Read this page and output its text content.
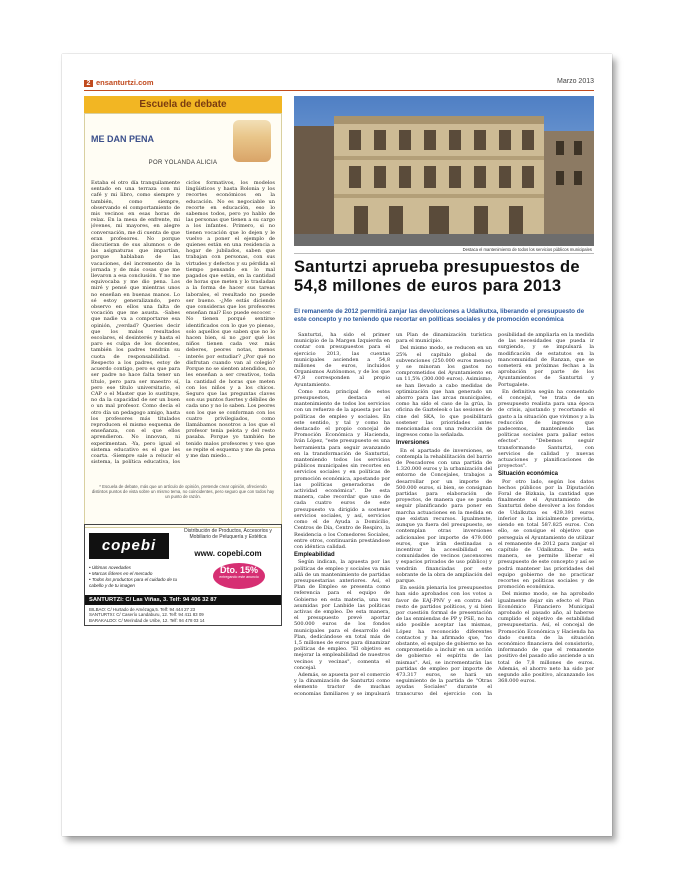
2 ensanturtzi.com	Marzo 2013
Escuela de debate
ME DAN PENA
POR YOLANDA ALICIA
Estaba el otro día tranquilamente sentado en una terraza con mi café y mi libro, como siempre y también, como siempre, observando el comportamiento de mis vecinos en esas horas de relax. En la mesa de enfrente, mi jóvenes, mi mayores, en alegre conversación, me di cuenta de que eran profesores. No porque discutieran de sus alumnos o de las asignaturas que impartían, porque hablaban de las vacaciones, del incremento de la jornada y de más cosas que me llevaron a esa conclusión. Y no me equivocaba y me dio pena. Los miré y pensé que mientras unos no enseñan en buenas manos. Lo sé estoy generalizando, pero observo en ellos una falta de vocación que me asusta. -Sabes que nadie va a comportarse esa opinión, ¿verdad? Queries decir que los malos resultados escolares, el desinterés y hasta el paro es culpa de los docentes, también los padres tendrán su cuota de responsabilidad. -Respecto a los padres, estoy de acuerdo contigo, pero es que para ser padre no hace falta tener un título, pero para ser maestro sí, pero ese título universitario, el CAP o el Master que lo sustituye, no da la capacidad de ser un buen o un mal profesor. Como decía el otro día un pedagogo amigo, hasta los profesores más titulados reproducen el mismo esquema de enseñanza, con el que ellos aprendieron. No innovan, ni experimentan. -Ya, pero igual el sistema educativo es el que les coarta. -Siempre sale a relucir el sistema, la política educativa, los ciclos formativos, los modelos lingüísticos y hasta Bolonia y los recortes económicos en la educación. No es negociable un recorte en educación, eso lo sabemos todos, pero yo hablo de las personas que tienen a su cargo a los infantes. Primero, si no tienen vocación que lo dejen y le vuelvo a poner el ejemplo de quienes están en una residencia a hogar de jubilados, saben que trabajan con personas, con sus virtudes y defectos y su pérdida el tiempo pensando en lo mal pagados que están, en la cantidad de horas que meten y lo trasladan a la forma de hacer sus tareas laborales, el resultado no puede ser bueno. -¿Me estás diciendo que consideras que los profesores enseñan mal? Eso puede escocer. -No tienen porqué sentirse identificados con lo que yo pienso, solo aquellos que saben que no lo hacen bien, si no ¿por qué los niños tienen cada vez más deberes, peores notas, menos interés por estudiar? ¿Por qué no disfrutan cuando van al colegio? Porque no se sienten atendidos, no les enseñan a ser creativos, toda la cantidad de horas que meten con los niños y a los chicos. Seguro que las preguntas claves son sus puntos fuertes y débiles de cada uno y no lo saben. Los peores son los que se conforman con los cuatro privilegiados, como llamábamos nosotros a los que el profesor tenía pelota y del resto pasaba. Porque yo también he tenido malos profesores y veo que se repite el esquema y me da pena y me dan miedo...
* Escuela de debate, más que un artículo de opinión, pretende crear opinión, ofreciendo distintos puntos de vista sobre un mismo tema, no coincidentes, pero seguro que con todos hay un punto de razón.
copebi
Distribución de Productos, Accesorios y Mobiliario de Peluquería y Estética
www. copebi.com
• Últimas novedades
• Marcas líderes en el mercado
• Todos los productos para el cuidado de tu cabello y de tu imagen
Dto. 15%
entregando este anuncio
SANTURTZI: C/ Las Viñas, 3. Telf: 94 406 32 87
BILBAO: C/ Hurtado de Amézaga,5. Telf: 94 444 27 23
SANTURTXI: C/ Caserío Landaburu, 12. Telf: 94 411 83 09
BARAKALDO: C/ Merindad de Uribe, 12. Telf: 94 478 03 14
Destaca el mantenimiento de todos los servicios públicos municipales
Santurtzi aprueba presupuestos de 54,8 millones de euros para 2013
El remanente de 2012 permitirá zanjar las devoluciones a Udalkutxa, liberando el presupuesto de este concepto y no teniendo que recortar en políticas sociales y de promoción económica

Santurtzi, ha sido el primer municipio de la Margen Izquierda en contar con presupuestos para el ejercicio 2013, las cuentas municipales ascienden a 54,8 millones de euros, incluidos Organismos Autónomos, y de los que 47,8 corresponden al propio Ayuntamiento.

Como nota principal de estos presupuestos, destaca el mantenimiento de todos los servicios con un refuerzo de la apuesta por las políticas de empleo y sociales. En este sentido, y tal y como ha destacado el propio concejal de Promoción Económica y Hacienda, Iván López, "este presupuesto es una herramienta para seguir avanzando en la transformación de Santurtzi, manteniendo todos los servicios públicos municipales sin recortes en servicios sociales y en políticas de promoción económica, apostando por las políticas generadoras de actividad económica". De esta manera, cabe recordar que uno de cada cuatro euros de este presupuesto va dirigido a sostener servicios sociales, y así, servicios como el de Ayuda a Domicilio, Centros de Día, Centro de Respiro, la Residencia o los Comedores Sociales, entre otros, continuarán prestándose con idéntica calidad.

Empleabilidad

Según indican, la apuesta por las políticas de empleo y sociales va más allá de un mantenimiento de partidas presupuestarias anteriores. Así, el Plan de Empleo se presenta como referencia para el equipo de Gobierno en esta materia, una vez asumidas por Lanbide las políticas activas de empleo. De esta manera, el presupuesto prevé aportar 500.000 euros de los fondos municipales para el desarrollo del Plan, dedicándose en total más de 1,5 millones de euros para dinamizar políticas de empleo. "El objetivo es mejorar la empleabilidad de nuestros vecinos y vecinas", comenta el concejal.

Además, se apuesta por el comercio y la dinamización de Santurtzi como elemento tractor de muchas economías familiares y se impulsará un Plan de dinamización turística para el municipio.

Del mismo modo, se reducen en un 25% el capítulo global de subvenciones (250.000 euros menos) y se minoran los gastos no comprometidos del Ayuntamiento en un 11,5% (300.000 euros). Asimismo, se han llevado a cabo medidas de optimización que han generado un ahorro para las arcas municipales, como ha sido el caso de la grúa, la oficina de Gazteleok o las sesiones de cine del SKA, lo que posibilitará sostener las prioridades antes mencionadas con una reducción de ingresos como la señalada.

Inversiones

En el apartado de inversiones, se contempla la rehabilitación del barrio de Pescadores con una partida de 1.320.000 euros y la urbanización del entorno de Concejales, trabajos a desarrollar por un importe de 500.000 euros, si bien, se consignan partidas para elaboración de proyectos, de manera que se pueda seguir planificando para poner en marcha actuaciones en la medida en que existan recursos. Igualmente, aunque ya fuera del presupuesto, se contemplan otras inversiones adicionales por importe de 479.000 euros, que irán destinadas a incentivar la accesibilidad en comunidades de vecinos (ascensores y espacios privados de uso público) y vendrán financiadas por este sobrante de la obra de ampliación del parque.

En sesión plenaria los presupuestos han sido aprobados con los votos a favor de EAJ-PNV y en contra del resto de partidos políticos, y si bien por cuestión formal de presentación de las enmiendas de PP y PSE, no ha sido posible aceptar las mismas, López ha reconocido diferentes contactos y ha afirmado que, "no obstante, el equipo de gobierno se ha comprometido a incluir en un acción de gobierno el espíritu de las mismas". Así, se incrementarán las partidas de empleo por importe de 473.317 euros, se hará un seguimiento de la partida de "Otras ayudas Sociales" durante el transcurso del ejercicio con la posibilidad de ampliarla en la medida de las necesidades que pueda ir surgiendo, y se impulsará la modificación de estatutos en la mancomunidad de Ranzan, que se someterá en próximas fechas a la aprobación por parte de los Ayuntamientos de Santurtzi y Portugalete.

En definitiva según ha comentado el concejal, "se trata de un presupuesto realista para una época de crisis, ajustando y recortando el gasto a la situación que vivimos y a la reducción de ingresos que padecemos, manteniendo las políticas sociales para paliar estos efectos". "Debemos seguir transformando Santurtzi, con servicios de calidad y nuevas actuaciones y planificaciones de proyectos".

Situación económica

Por otro lado, según los datos hechos públicos por la Diputación Foral de Bizkaia, la cantidad que finalmente el Ayuntamiento de Santurtzi debe devolver a los fondos de Udalkutxa es 429.391 euros inferior a la inicialmente prevista, siendo en total 587.825 euros. Con ello, se consigue el objetivo que perseguía el Ayuntamiento de utilizar el remanente de 2012 para zanjar el capítulo de Udalkutxa. De esta manera, se permite liberar el presupuesto de este concepto y así se podrá mantener las prioridades del equipo gobierno de no practicar recortes en políticas sociales y de promoción económica.

Del mismo modo, se ha aprobado igualmente dejar sin efecto el Plan Económico Financiero Municipal aprobado el pasado año, al haberse cumplido el objetivo de estabilidad presupuestaria. Así, el concejal de Promoción Económica y Hacienda ha dado cuenta de la situación económico financiera del consistorio, informando de que el remanente positivo del pasado año asciende a un total de 7,8 millones de euros. Además, el ahorro neto ha sido por segundo año positivo, alcanzando los 368.000 euros.
